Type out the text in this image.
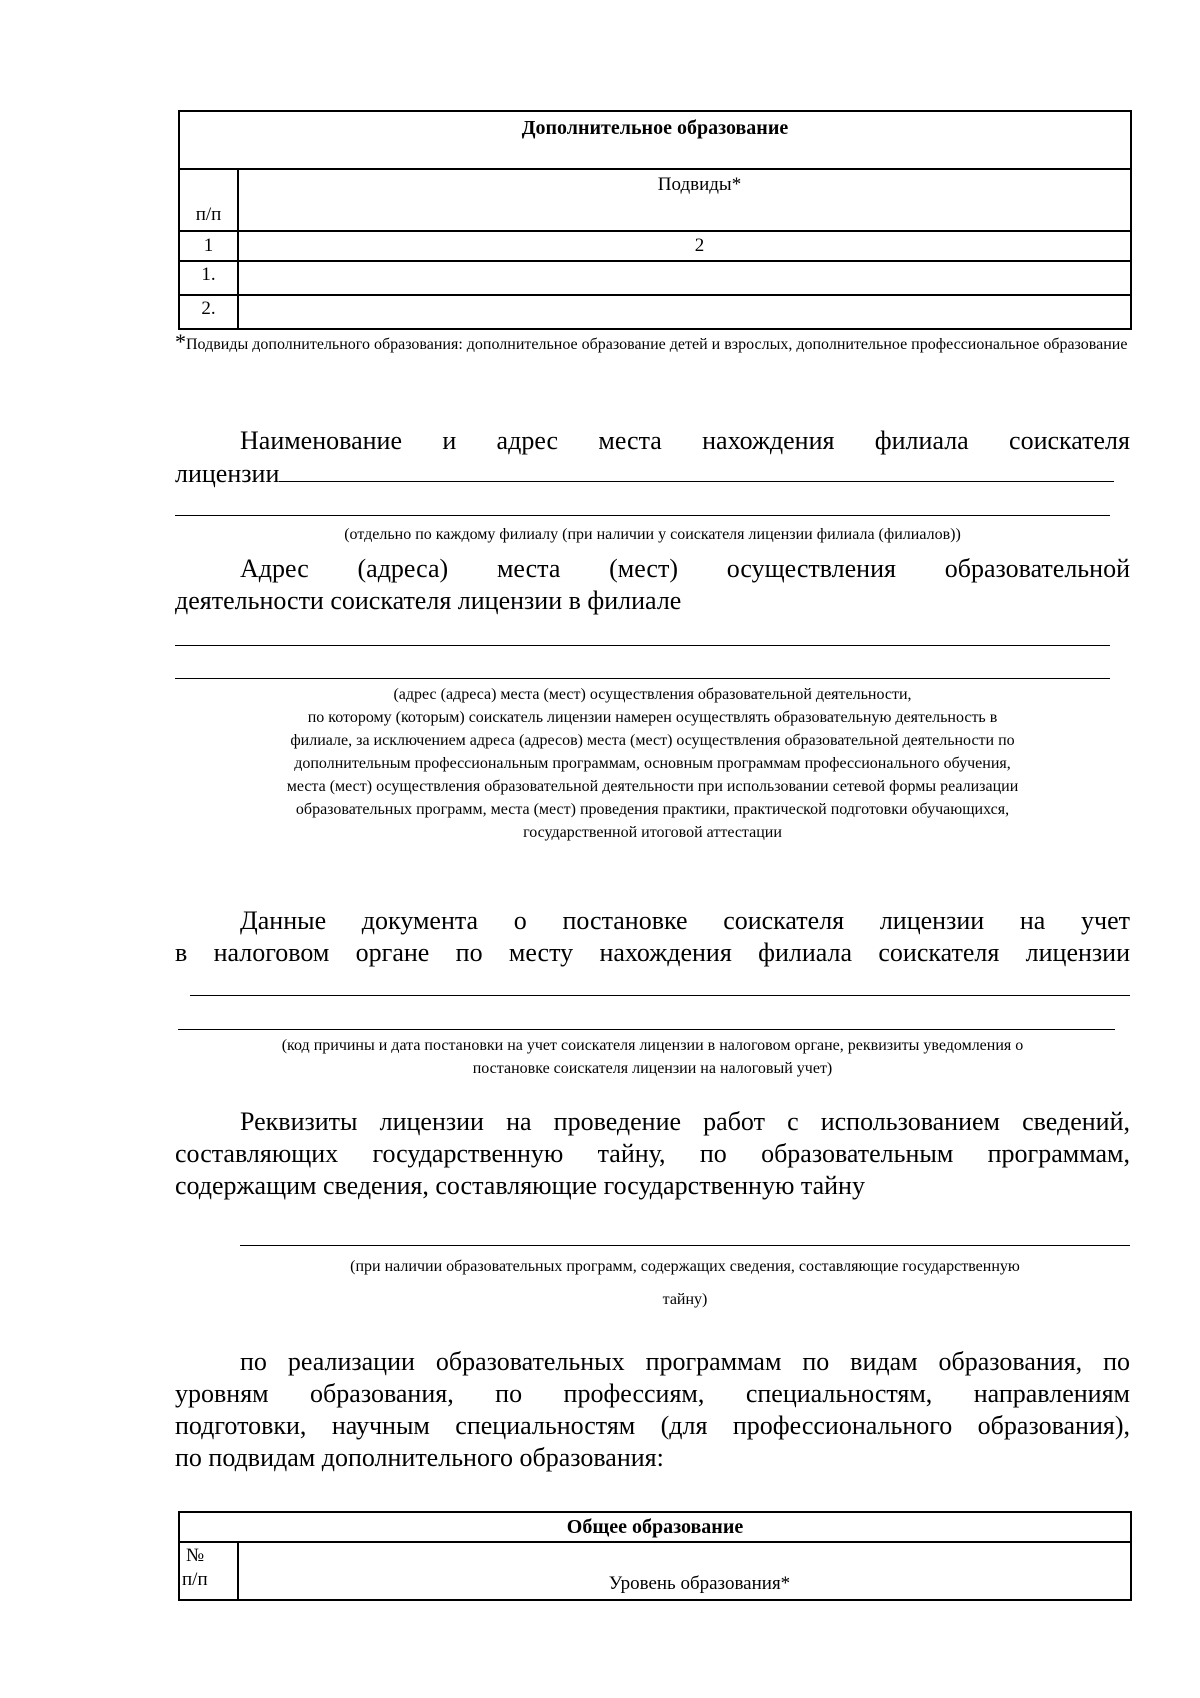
Дополнительное образование	

п/п	Подвиды*

1	2

1.	

2.	

*Подвиды дополнительного образования: дополнительное образование детей и взрослых, дополнительное профессиональное образование
Наименование и адрес места нахождения филиала соискателя
лицензии
(отдельно по каждому филиалу (при наличии у соискателя лицензии филиала (филиалов))
Адрес (адреса) места (мест) осуществления образовательной
деятельности соискателя лицензии в филиале
(адрес (адреса) места (мест) осуществления образовательной деятельности,
по которому (которым) соискатель лицензии намерен осуществлять образовательную деятельность в
филиале, за исключением адреса (адресов) места (мест) осуществления образовательной деятельности по
дополнительным профессиональным программам, основным программам профессионального обучения,
места (мест) осуществления образовательной деятельности при использовании сетевой формы реализации
образовательных программ, места (мест) проведения практики, практической подготовки обучающихся,
государственной итоговой аттестации
Данные документа о постановке соискателя лицензии на учет
в налоговом органе по месту нахождения филиала соискателя лицензии
(код причины и дата постановки на учет соискателя лицензии в налоговом органе, реквизиты уведомления о
постановке соискателя лицензии на налоговый учет)
Реквизиты лицензии на проведение работ с использованием сведений,
составляющих государственную тайну, по образовательным программам,
содержащим сведения, составляющие государственную тайну
(при наличии образовательных программ, содержащих сведения, составляющие государственную
тайну)
по реализации образовательных программам по видам образования, по
уровням образования, по профессиям, специальностям, направлениям
подготовки, научным специальностям (для профессионального образования),
по подвидам дополнительного образования:
Общее образование

№
п/п	Уровень образования*
